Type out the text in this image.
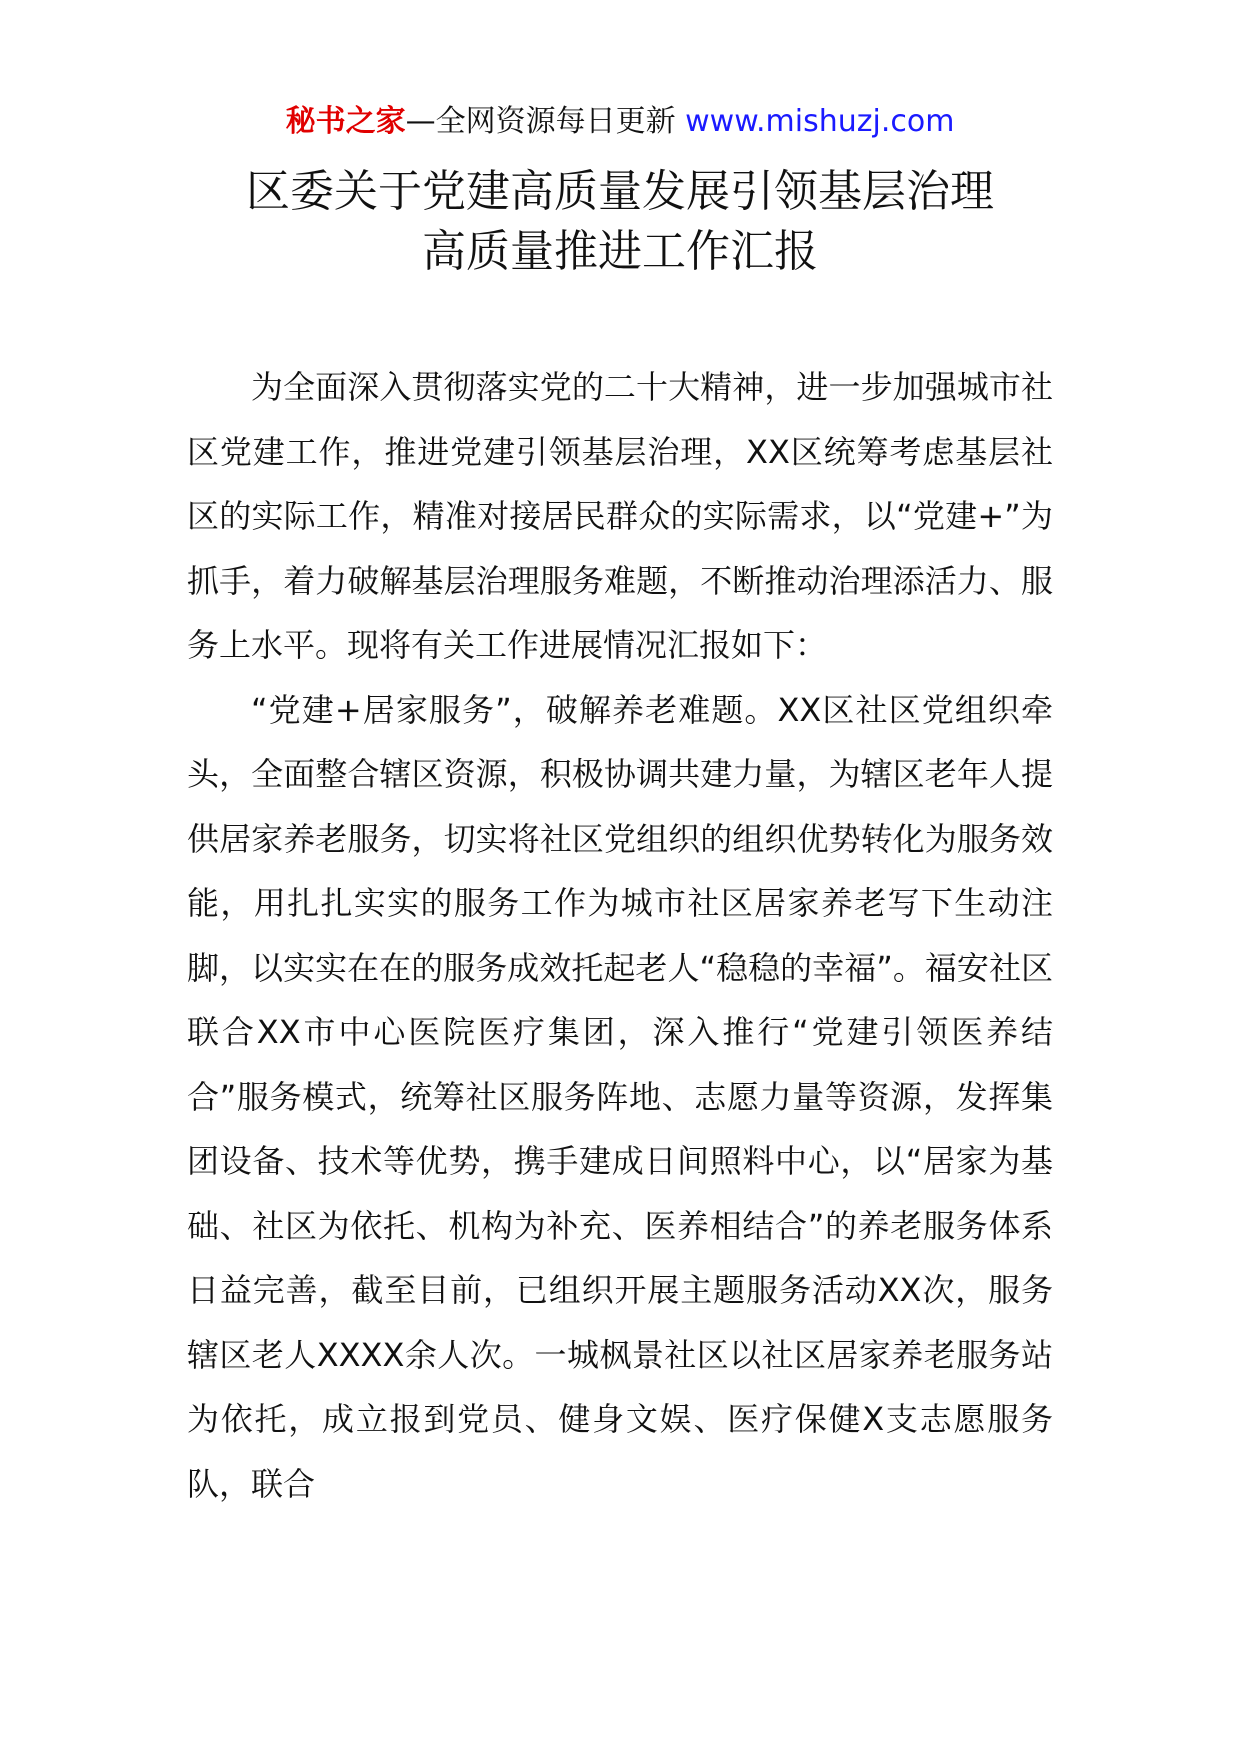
秘书之家—全网资源每日更新 www.mishuzj.com
区委关于党建高质量发展引领基层治理
高质量推进工作汇报

为全面深入贯彻落实党的二十大精神，进一步加强城市社区党建工作，推进党建引领基层治理，XX区统筹考虑基层社区的实际工作，精准对接居民群众的实际需求，以“党建+”为抓手，着力破解基层治理服务难题，不断推动治理添活力、服务上水平。现将有关工作进展情况汇报如下：

“党建+居家服务”，破解养老难题。XX区社区党组织牵头，全面整合辖区资源，积极协调共建力量，为辖区老年人提供居家养老服务，切实将社区党组织的组织优势转化为服务效能，用扎扎实实的服务工作为城市社区居家养老写下生动注脚，以实实在在的服务成效托起老人“稳稳的幸福”。福安社区联合XX市中心医院医疗集团，深入推行“党建引领医养结合”服务模式，统筹社区服务阵地、志愿力量等资源，发挥集团设备、技术等优势，携手建成日间照料中心，以“居家为基础、社区为依托、机构为补充、医养相结合”的养老服务体系日益完善，截至目前，已组织开展主题服务活动XX次，服务辖区老人XXXX余人次。一城枫景社区以社区居家养老服务站为依托，成立报到党员、健身文娱、医疗保健X支志愿服务队，联合
